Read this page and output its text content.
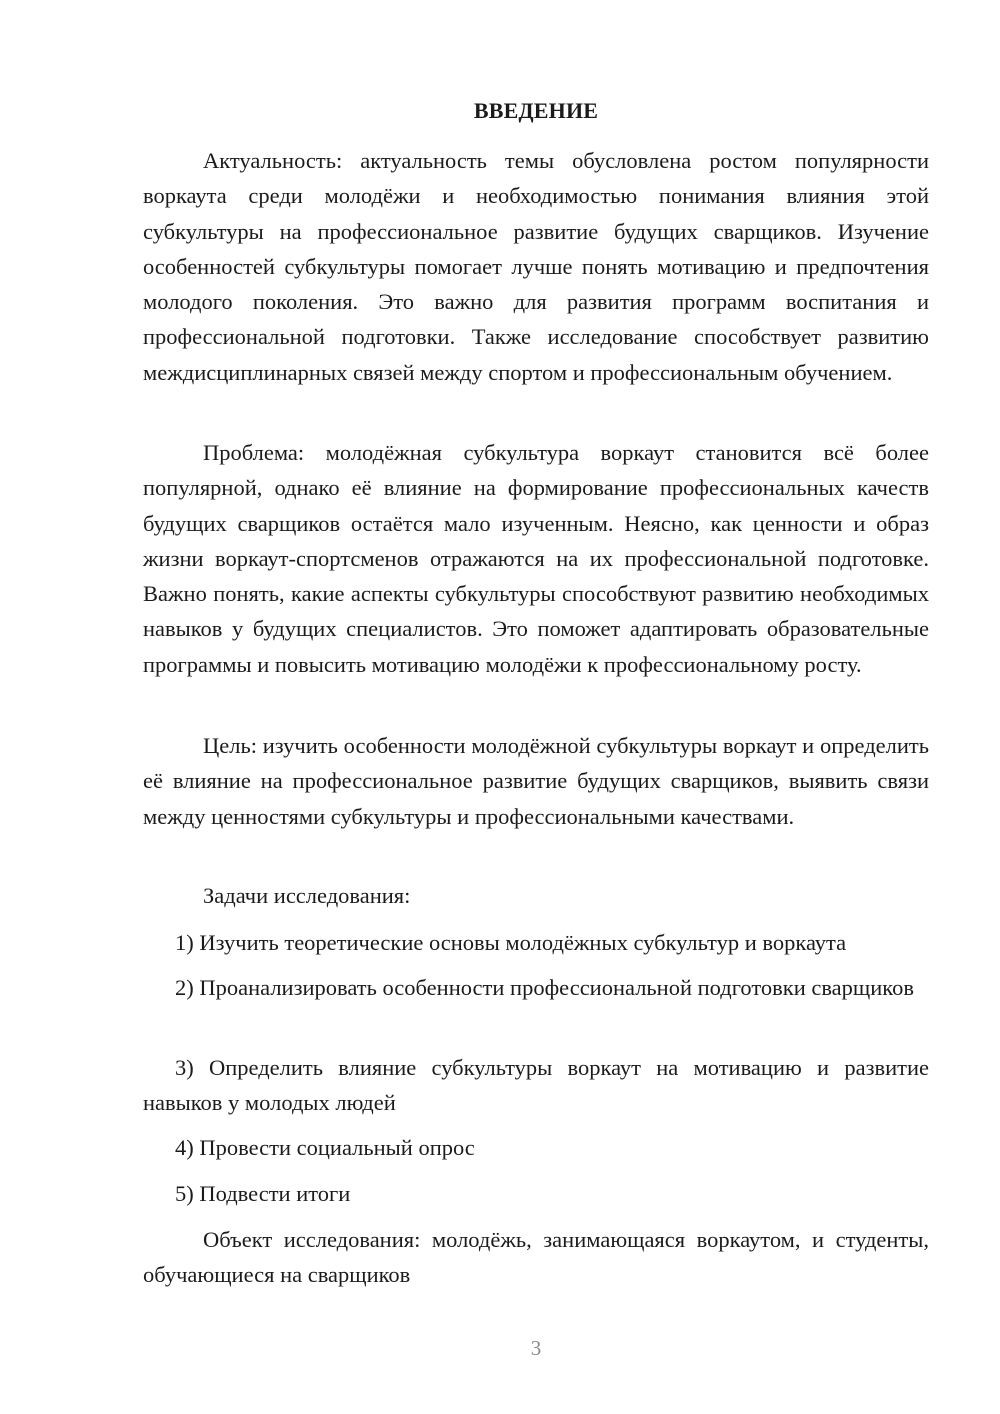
ВВЕДЕНИЕ

Актуальность: актуальность темы обусловлена ростом популярности воркаута среди молодёжи и необходимостью понимания влияния этой субкультуры на профессиональное развитие будущих сварщиков. Изучение особенностей субкультуры помогает лучше понять мотивацию и предпочтения молодого поколения. Это важно для развития программ воспитания и профессиональной подготовки. Также исследование способствует развитию междисциплинарных связей между спортом и профессиональным обучением.

Проблема: молодёжная субкультура воркаут становится всё более популярной, однако её влияние на формирование профессиональных качеств будущих сварщиков остаётся мало изученным. Неясно, как ценности и образ жизни воркаут-спортсменов отражаются на их профессиональной подготовке. Важно понять, какие аспекты субкультуры способствуют развитию необходимых навыков у будущих специалистов. Это поможет адаптировать образовательные программы и повысить мотивацию молодёжи к профессиональному росту.

Цель: изучить особенности молодёжной субкультуры воркаут и определить её влияние на профессиональное развитие будущих сварщиков, выявить связи между ценностями субкультуры и профессиональными качествами.

Задачи исследования:

1) Изучить теоретические основы молодёжных субкультур и воркаута

2) Проанализировать особенности профессиональной подготовки сварщиков

3) Определить влияние субкультуры воркаут на мотивацию и развитие навыков у молодых людей

4) Провести социальный опрос

5) Подвести итоги

Объект исследования: молодёжь, занимающаяся воркаутом, и студенты, обучающиеся на сварщиков

3
